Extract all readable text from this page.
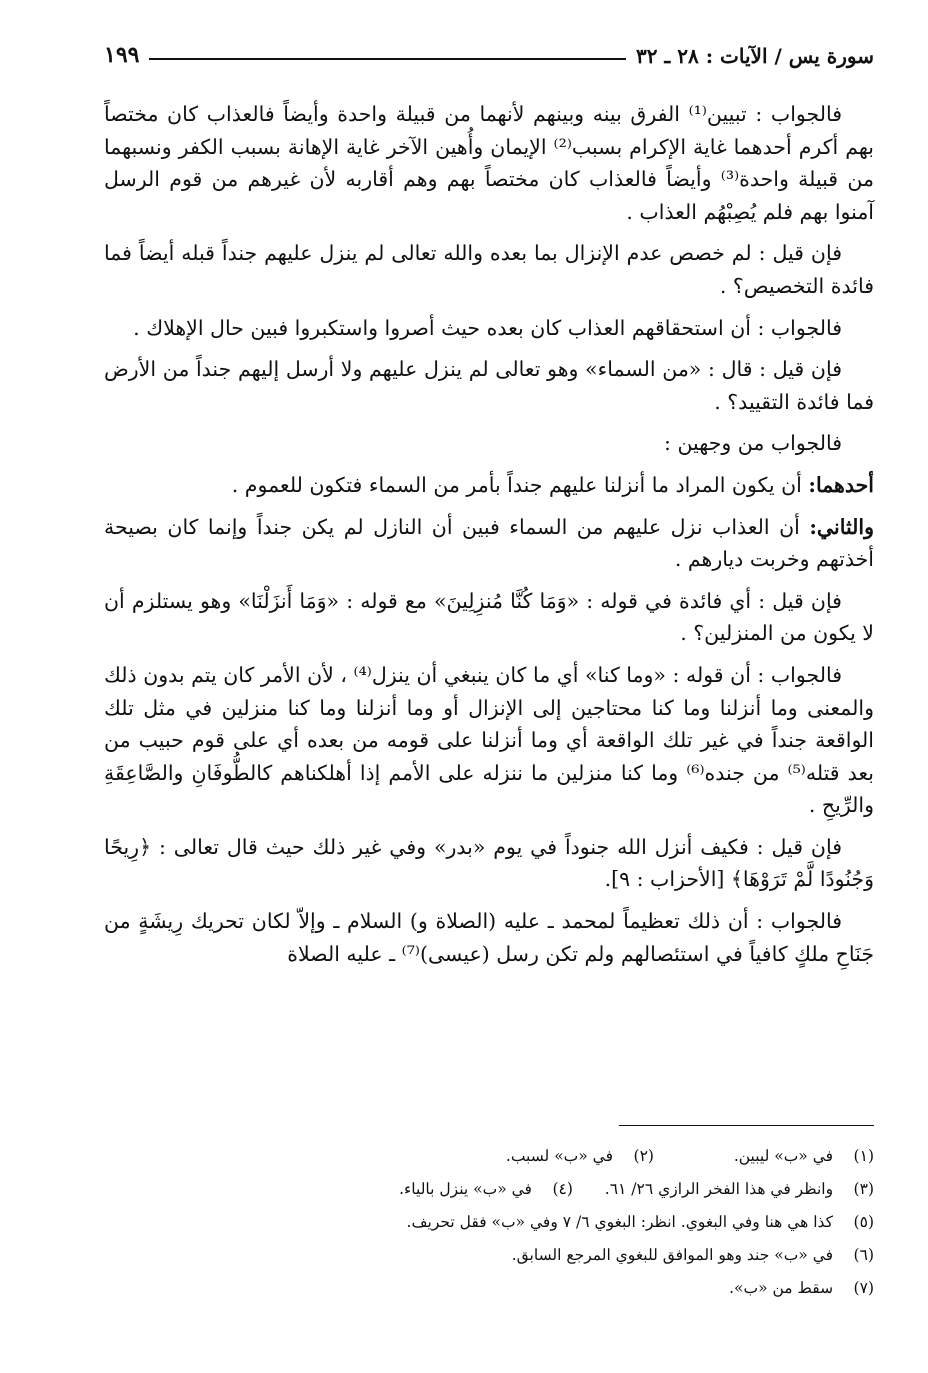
سورة يس / الآيات : ٢٨ ـ ٣٢
١٩٩

فالجواب : تبيين⁽¹⁾ الفرق بينه وبينهم لأنهما من قبيلة واحدة وأيضاً فالعذاب كان مختصاً بهم أكرم أحدهما غاية الإكرام بسبب⁽²⁾ الإيمان وأُهين الآخر غاية الإهانة بسبب الكفر ونسبهما من قبيلة واحدة⁽³⁾ وأيضاً فالعذاب كان مختصاً بهم وهم أقاربه لأن غيرهم من قوم الرسل آمنوا بهم فلم يُصِبْهُم العذاب .

فإن قيل : لم خصص عدم الإنزال بما بعده والله تعالى لم ينزل عليهم جنداً قبله أيضاً فما فائدة التخصيص؟ .

فالجواب : أن استحقاقهم العذاب كان بعده حيث أصروا واستكبروا فبين حال الإهلاك .

فإن قيل : قال : «من السماء» وهو تعالى لم ينزل عليهم ولا أرسل إليهم جنداً من الأرض فما فائدة التقييد؟ .

فالجواب من وجهين :

أحدهما: أن يكون المراد ما أنزلنا عليهم جنداً بأمر من السماء فتكون للعموم .

والثاني: أن العذاب نزل عليهم من السماء فبين أن النازل لم يكن جنداً وإنما كان بصيحة أخذتهم وخربت ديارهم .

فإن قيل : أي فائدة في قوله : «وَمَا كُنَّا مُنزِلِينَ» مع قوله : «وَمَا أَنزَلْنَا» وهو يستلزم أن لا يكون من المنزلين؟ .

فالجواب : أن قوله : «وما كنا» أي ما كان ينبغي أن ينزل⁽⁴⁾ ، لأن الأمر كان يتم بدون ذلك والمعنى وما أنزلنا وما كنا محتاجين إلى الإنزال أو وما أنزلنا وما كنا منزلين في مثل تلك الواقعة جنداً في غير تلك الواقعة أي وما أنزلنا على قومه من بعده أي على قوم حبيب من بعد قتله⁽⁵⁾ من جنده⁽⁶⁾ وما كنا منزلين ما ننزله على الأمم إذا أهلكناهم كالطُّوفَانِ والصَّاعِقَةِ والرِّيحِ .

فإن قيل : فكيف أنزل الله جنوداً في يوم «بدر» وفي غير ذلك حيث قال تعالى : ﴿رِيحًا وَجُنُودًا لَّمْ تَرَوْهَا﴾ [الأحزاب : ٩].

فالجواب : أن ذلك تعظيماً لمحمد ـ عليه (الصلاة و) السلام ـ وإلاّ لكان تحريك رِيشَةٍ من جَنَاحِ ملكٍ كافياً في استئصالهم ولم تكن رسل (عيسى)⁽⁷⁾ ـ عليه الصلاة

(١) في «ب» ليبين.  (٢) في «ب» لسبب.
(٣) وانظر في هذا الفخر الرازي ٢٦/ ٦١.  (٤) في «ب» ينزل بالياء.
(٥) كذا هي هنا وفي البغوي. انظر: البغوي ٦/ ٧ وفي «ب» فقل تحريف.
(٦) في «ب» جند وهو الموافق للبغوي المرجع السابق.
(٧) سقط من «ب».
